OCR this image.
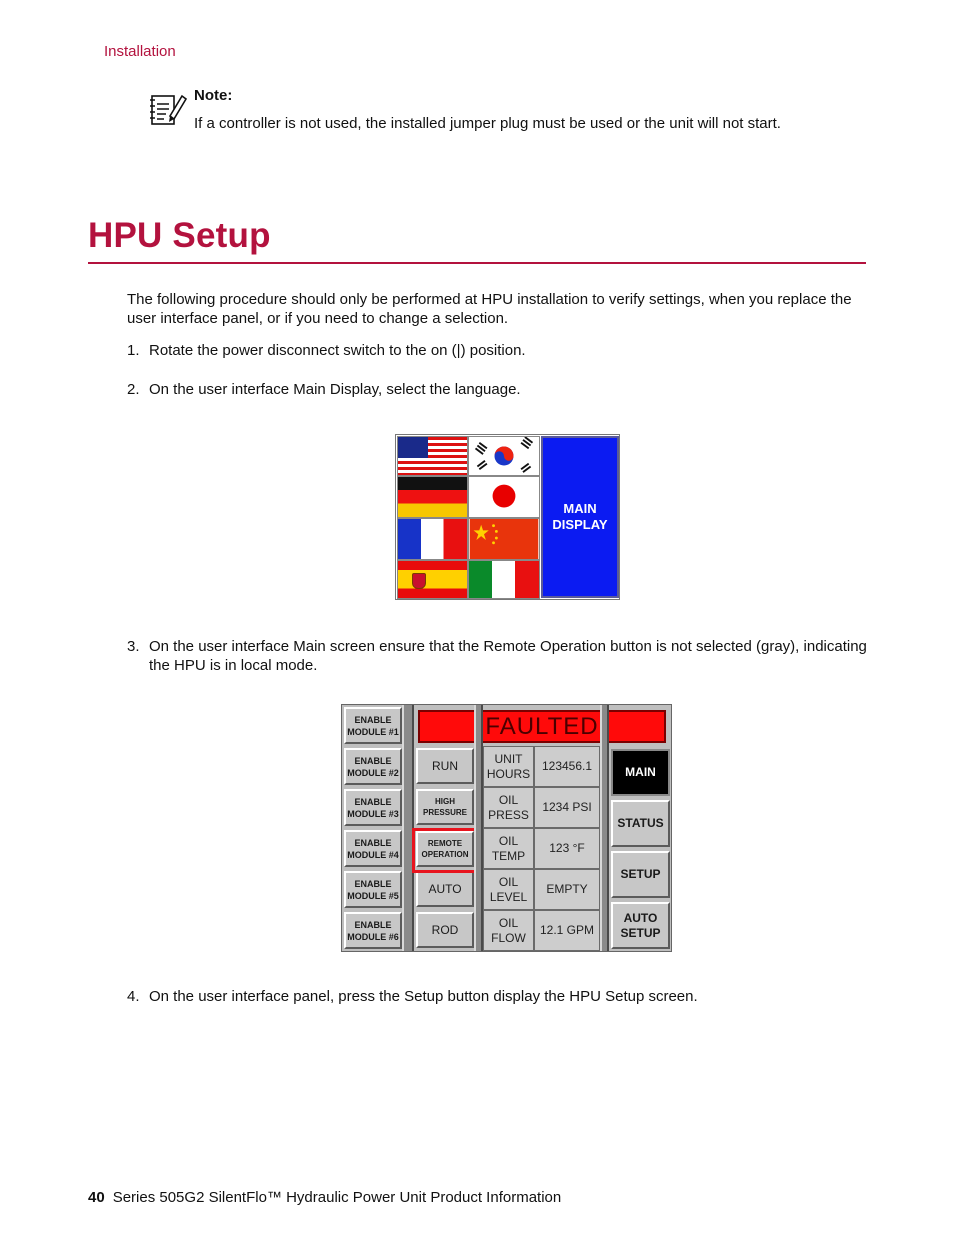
Installation
Note:
If a controller is not used, the installed jumper plug must be used or the unit will not start.
HPU Setup
The following procedure should only be performed at HPU installation to verify settings, when you replace the user interface panel, or if you need to change a selection.
1. Rotate the power disconnect switch to the on (|) position.
2. On the user interface Main Display, select the language.
MAIN
DISPLAY
3. On the user interface Main screen ensure that the Remote Operation button is not selected (gray), indicating the HPU is in local mode.
ENABLE
MODULE #1
ENABLE
MODULE #2
ENABLE
MODULE #3
ENABLE
MODULE #4
ENABLE
MODULE #5
ENABLE
MODULE #6
FAULTED
RUN
HIGH
PRESSURE
REMOTE
OPERATION
AUTO
ROD
UNIT
HOURS
123456.1
OIL
PRESS
1234 PSI
OIL
TEMP
123 °F
OIL
LEVEL
EMPTY
OIL
FLOW
12.1 GPM
MAIN
STATUS
SETUP
AUTO
SETUP
4. On the user interface panel, press the Setup button display the HPU Setup screen.
40 Series 505G2 SilentFlo™ Hydraulic Power Unit Product Information
